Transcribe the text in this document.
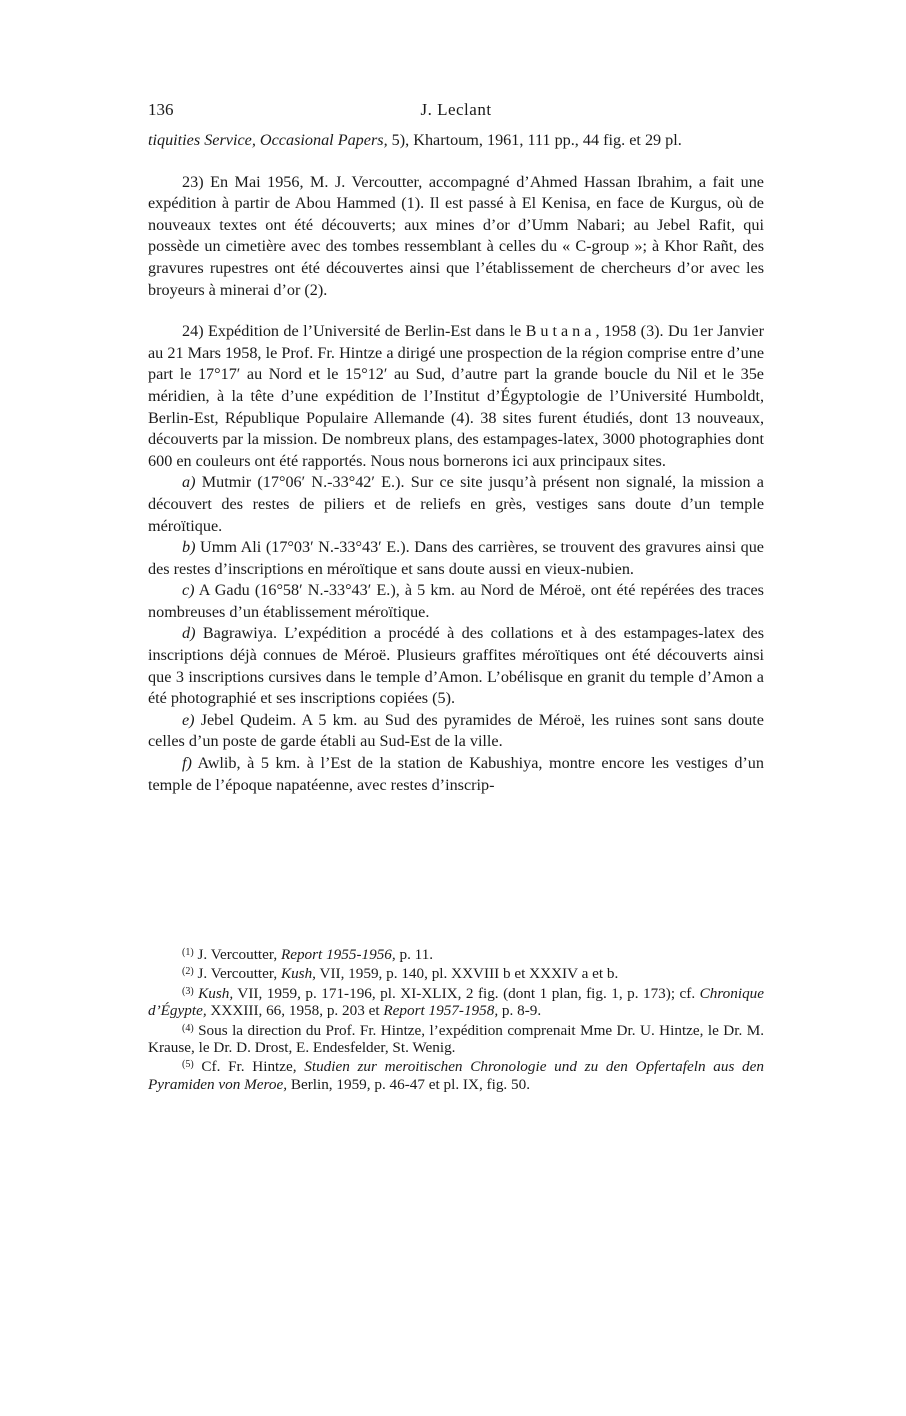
136	J. Leclant

tiquities Service, Occasional Papers, 5), Khartoum, 1961, 111 pp., 44 fig. et 29 pl.

23) En Mai 1956, M. J. Vercoutter, accompagné d’Ahmed Hassan Ibrahim, a fait une expédition à partir de Abou Hammed (1). Il est passé à El Kenisa, en face de Kurgus, où de nouveaux textes ont été découverts; aux mines d’or d’Umm Nabari; au Jebel Rafit, qui possède un cimetière avec des tombes ressemblant à celles du « C-group »; à Khor Rañt, des gravures rupestres ont été découvertes ainsi que l’établissement de chercheurs d’or avec les broyeurs à minerai d’or (2).

24) Expédition de l’Université de Berlin-Est dans le Butana, 1958 (3). Du 1er Janvier au 21 Mars 1958, le Prof. Fr. Hintze a dirigé une prospection de la région comprise entre d’une part le 17°17′ au Nord et le 15°12′ au Sud, d’autre part la grande boucle du Nil et le 35e méridien, à la tête d’une expédition de l’Institut d’Égyptologie de l’Université Humboldt, Berlin-Est, République Populaire Allemande (4). 38 sites furent étudiés, dont 13 nouveaux, découverts par la mission. De nombreux plans, des estampages-latex, 3000 photographies dont 600 en couleurs ont été rapportés. Nous nous bornerons ici aux principaux sites.

a) Mutmir (17°06′ N.-33°42′ E.). Sur ce site jusqu’à présent non signalé, la mission a découvert des restes de piliers et de reliefs en grès, vestiges sans doute d’un temple méroïtique.

b) Umm Ali (17°03′ N.-33°43′ E.). Dans des carrières, se trouvent des gravures ainsi que des restes d’inscriptions en méroïtique et sans doute aussi en vieux-nubien.

c) A Gadu (16°58′ N.-33°43′ E.), à 5 km. au Nord de Méroë, ont été repérées des traces nombreuses d’un établissement méroïtique.

d) Bagrawiya. L’expédition a procédé à des collations et à des estampages-latex des inscriptions déjà connues de Méroë. Plusieurs graffites méroïtiques ont été découverts ainsi que 3 inscriptions cursives dans le temple d’Amon. L’obélisque en granit du temple d’Amon a été photographié et ses inscriptions copiées (5).

e) Jebel Qudeim. A 5 km. au Sud des pyramides de Méroë, les ruines sont sans doute celles d’un poste de garde établi au Sud-Est de la ville.

f) Awlib, à 5 km. à l’Est de la station de Kabushiya, montre encore les vestiges d’un temple de l’époque napatéenne, avec restes d’inscrip-

$^{(1)}$ J. Vercoutter, Report 1955-1956, p. 11.

$^{(2)}$ J. Vercoutter, Kush, VII, 1959, p. 140, pl. XXVIII b et XXXIV a et b.

$^{(3)}$ Kush, VII, 1959, p. 171-196, pl. XI-XLIX, 2 fig. (dont 1 plan, fig. 1, p. 173); cf. Chronique d’Égypte, XXXIII, 66, 1958, p. 203 et Report 1957-1958, p. 8-9.

$^{(4)}$ Sous la direction du Prof. Fr. Hintze, l’expédition comprenait Mme Dr. U. Hintze, le Dr. M. Krause, le Dr. D. Drost, E. Endesfelder, St. Wenig.

$^{(5)}$ Cf. Fr. Hintze, Studien zur meroitischen Chronologie und zu den Opfertafeln aus den Pyramiden von Meroe, Berlin, 1959, p. 46-47 et pl. IX, fig. 50.
